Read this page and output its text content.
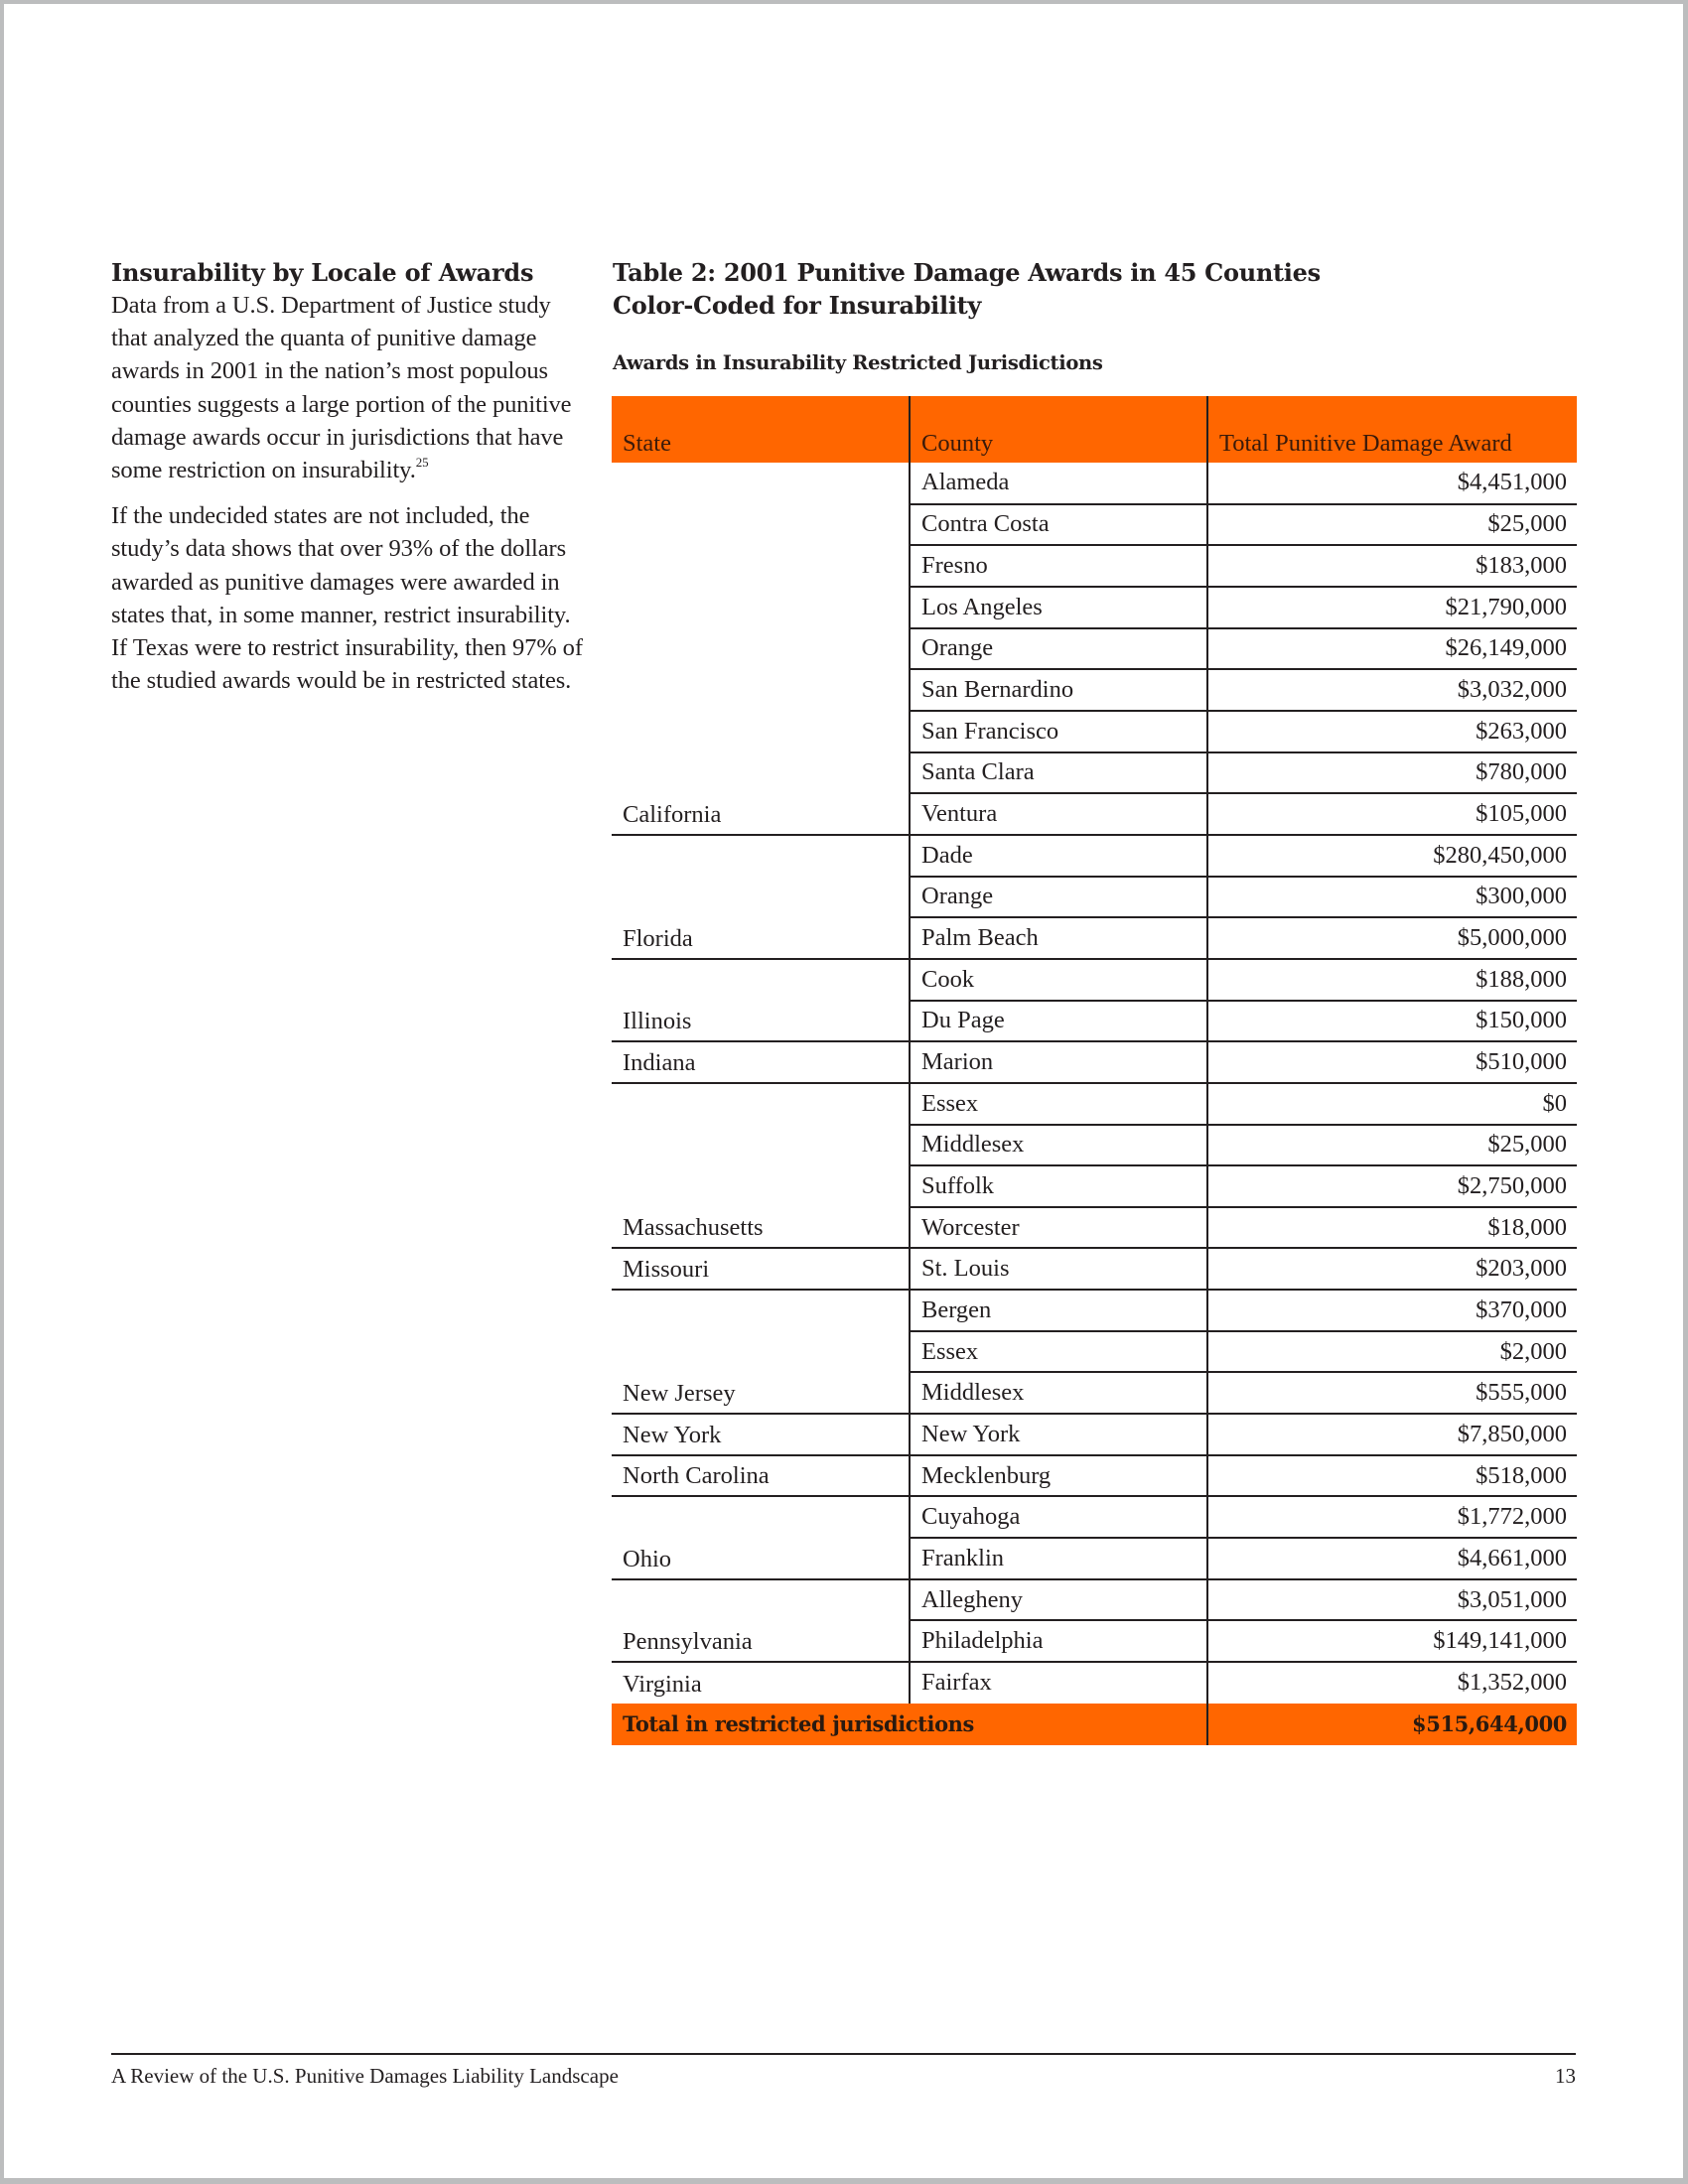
Insurability by Locale of Awards

Data from a U.S. Department of Justice study that analyzed the quanta of punitive damage awards in 2001 in the nation’s most populous counties suggests a large portion of the punitive damage awards occur in jurisdictions that have some restriction on insurability.$^{25}$

If the undecided states are not included, the study’s data shows that over 93% of the dollars awarded as punitive damages were awarded in states that, in some manner, restrict insurability. If Texas were to restrict insurability, then 97% of the studied awards would be in restricted states.

Table 2: 2001 Punitive Damage Awards in 45 Counties
Color-Coded for Insurability
Awards in Insurability Restricted Jurisdictions
State	County	Total Punitive Damage Award
California	Alameda	$4,451,000
	Contra Costa	$25,000
	Fresno	$183,000
	Los Angeles	$21,790,000
	Orange	$26,149,000
	San Bernardino	$3,032,000
	San Francisco	$263,000
	Santa Clara	$780,000
	Ventura	$105,000
Florida	Dade	$280,450,000
	Orange	$300,000
	Palm Beach	$5,000,000
Illinois	Cook	$188,000
	Du Page	$150,000
Indiana	Marion	$510,000
Massachusetts	Essex	$0
	Middlesex	$25,000
	Suffolk	$2,750,000
	Worcester	$18,000
Missouri	St. Louis	$203,000
New Jersey	Bergen	$370,000
	Essex	$2,000
	Middlesex	$555,000
New York	New York	$7,850,000
North Carolina	Mecklenburg	$518,000
Ohio	Cuyahoga	$1,772,000
	Franklin	$4,661,000
Pennsylvania	Allegheny	$3,051,000
	Philadelphia	$149,141,000
Virginia	Fairfax	$1,352,000
Total in restricted jurisdictions		$515,644,000
A Review of the U.S. Punitive Damages Liability Landscape	13
